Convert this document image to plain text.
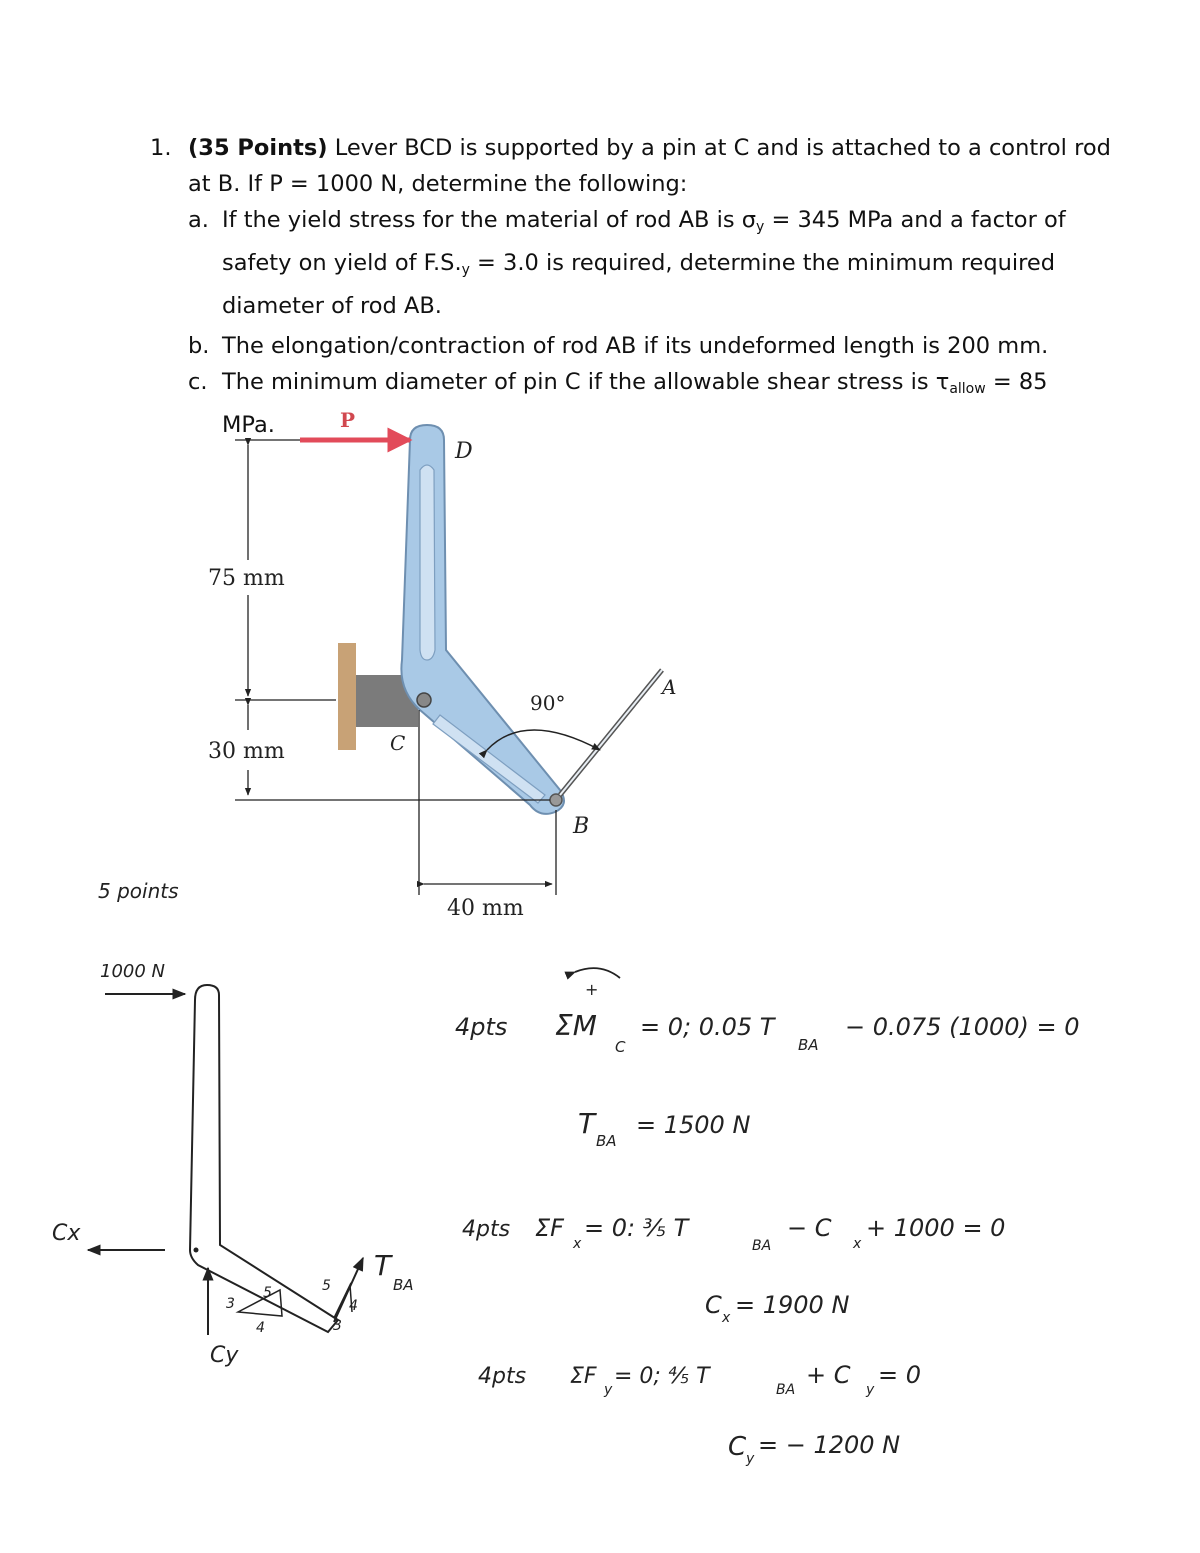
1. (35 Points) Lever BCD is supported by a pin at C and is attached to a control rod
at B. If P = 1000 N, determine the following:
a. If the yield stress for the material of rod AB is $\sigma_y = 345$ MPa and a factor of
safety on yield of $F.S._y = 3.0$ is required, determine the minimum required
diameter of rod AB.
b. The elongation/contraction of rod AB if its undeformed length is 200 mm.
c. The minimum diameter of pin C if the allowable shear stress is $\tau_{allow} = 85$ MPa.	P
D
C
B
A
75 mm
30 mm
40 mm
90°
5 points
1000 N
Cx
Cy
T
BA
3
5
4
5
4
3
+
4pts ΣM
C
= 0; 0.05 T
BA
− 0.075 (1000) = 0
T
BA
= 1500 N
4pts ΣF
x
= 0: ⅗ T
BA
− C
x
+ 1000 = 0
C x = 1900 N
4pts ΣF
y
= 0; ⅘ T
BA
+ C
y
= 0
C y = − 1200 N
